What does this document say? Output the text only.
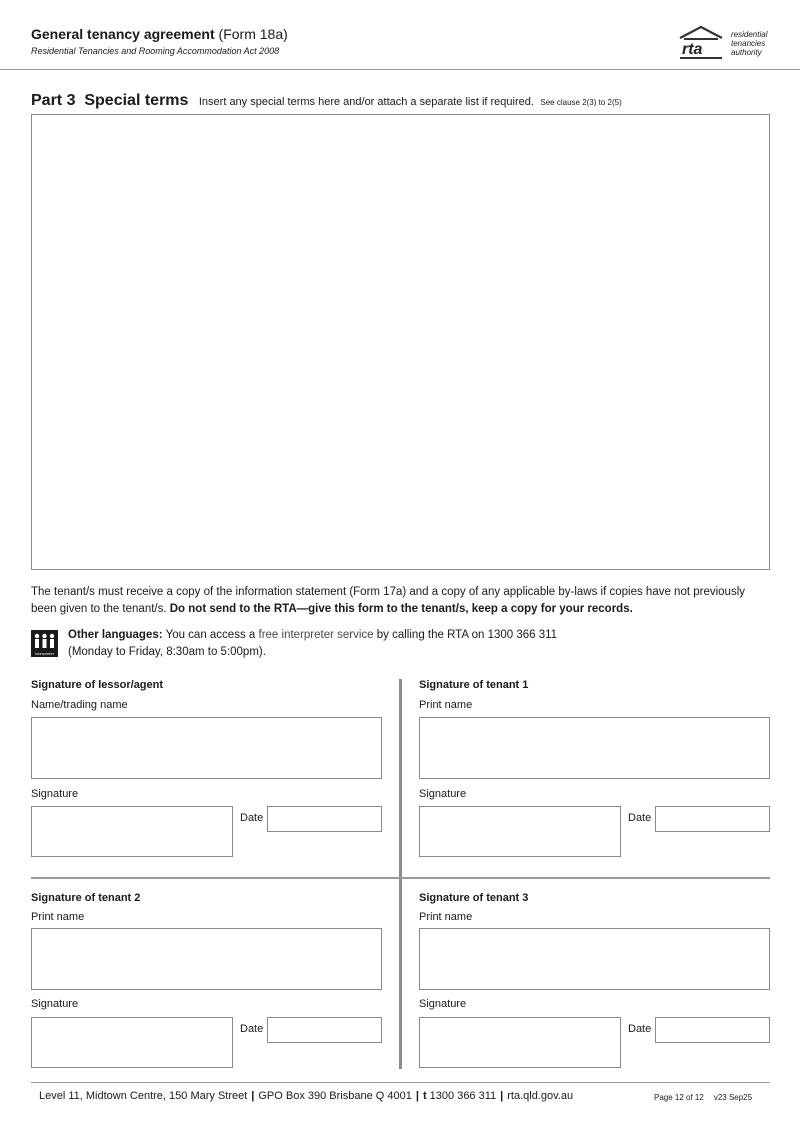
General tenancy agreement (Form 18a)
Residential Tenancies and Rooming Accommodation Act 2008	rta
residential
tenancies
authority
Part 3  Special terms Insert any special terms here and/or attach a separate list if required. See clause 2(3) to 2(5)
The tenant/s must receive a copy of the information statement (Form 17a) and a copy of any applicable by-laws if copies have not previously been given to the tenant/s. Do not send to the RTA—give this form to the tenant/s, keep a copy for your records.
Interpreter
Other languages: You can access a free interpreter service by calling the RTA on 1300 366 311
(Monday to Friday, 8:30am to 5:00pm).
Signature of lessor/agent
Name/trading name
Signature
Date
Signature of tenant 1
Print name
Signature
Date
Signature of tenant 2
Print name
Signature
Date
Signature of tenant 3
Print name
Signature
Date
Level 11, Midtown Centre, 150 Mary Street | GPO Box 390 Brisbane Q 4001 | t 1300 366 311 | rta.qld.gov.au	Page 12 of 12 v23 Sep25
